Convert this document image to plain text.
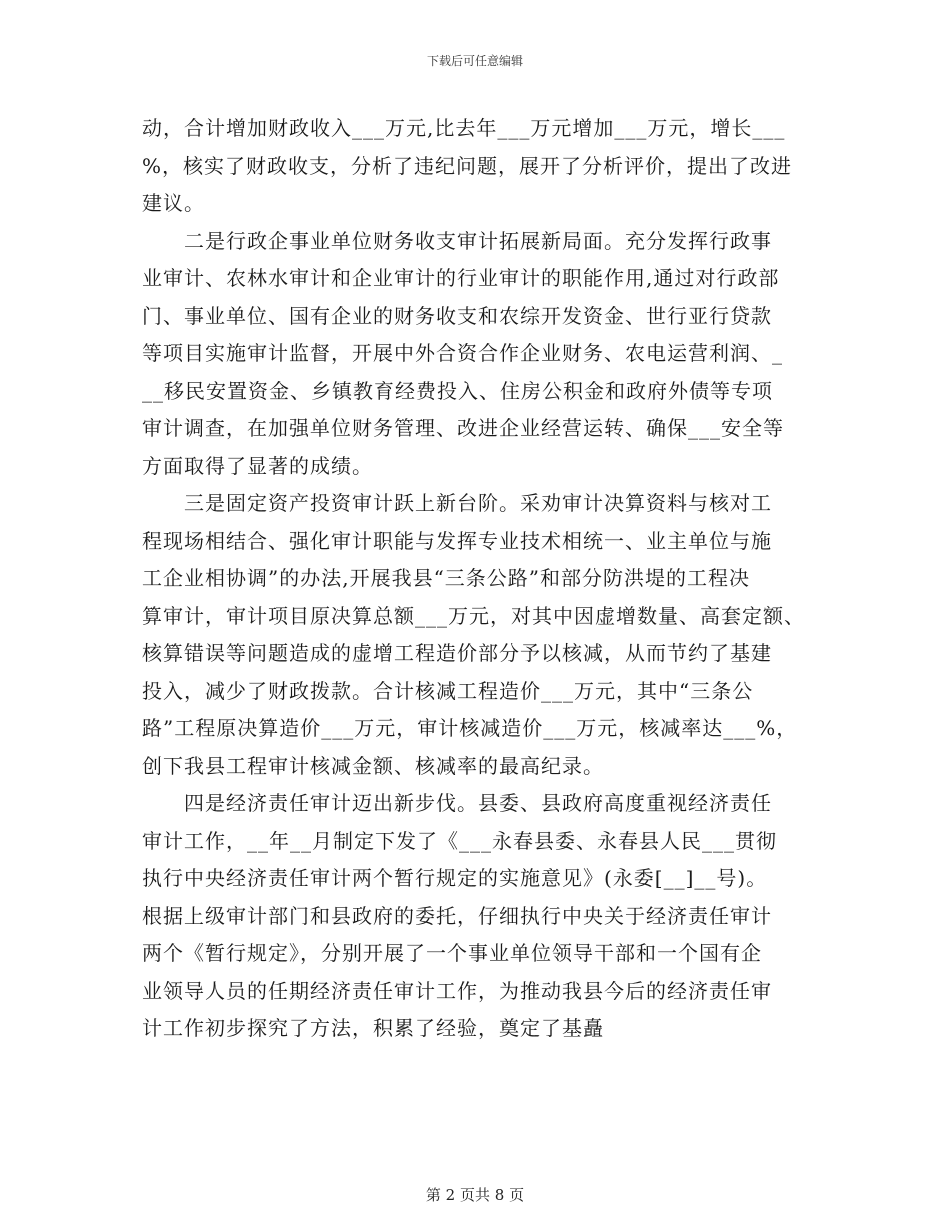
下载后可任意编辑
动，合计增加财政收入___万元,比去年___万元增加___万元，增长___
%，核实了财政收支，分析了违纪问题，展开了分析评价，提出了改进
建议。
　　二是行政企事业单位财务收支审计拓展新局面。充分发挥行政事
业审计、农林水审计和企业审计的行业审计的职能作用,通过对行政部
门、事业单位、国有企业的财务收支和农综开发资金、世行亚行贷款
等项目实施审计监督，开展中外合资合作企业财务、农电运营利润、_
__移民安置资金、乡镇教育经费投入、住房公积金和政府外债等专项
审计调查，在加强单位财务管理、改进企业经营运转、确保___安全等
方面取得了显著的成绩。
　　三是固定资产投资审计跃上新台阶。采劝审计决算资料与核对工
程现场相结合、强化审计职能与发挥专业技术相统一、业主单位与施
工企业相协调”的办法,开展我县“三条公路”和部分防洪堤的工程决
算审计，审计项目原决算总额___万元，对其中因虚增数量、高套定额、
核算错误等问题造成的虚增工程造价部分予以核减，从而节约了基建
投入，减少了财政拨款。合计核减工程造价___万元，其中“三条公
路”工程原决算造价___万元，审计核减造价___万元，核减率达___%，
创下我县工程审计核减金额、核减率的最高纪录。
　　四是经济责任审计迈出新步伐。县委、县政府高度重视经济责任
审计工作，__年__月制定下发了《___永春县委、永春县人民___贯彻
执行中央经济责任审计两个暂行规定的实施意见》(永委[__]__号)。
根据上级审计部门和县政府的委托，仔细执行中央关于经济责任审计
两个《暂行规定》，分别开展了一个事业单位领导干部和一个国有企
业领导人员的任期经济责任审计工作，为推动我县今后的经济责任审
计工作初步探究了方法，积累了经验，奠定了基矗
第 2 页共 8 页
